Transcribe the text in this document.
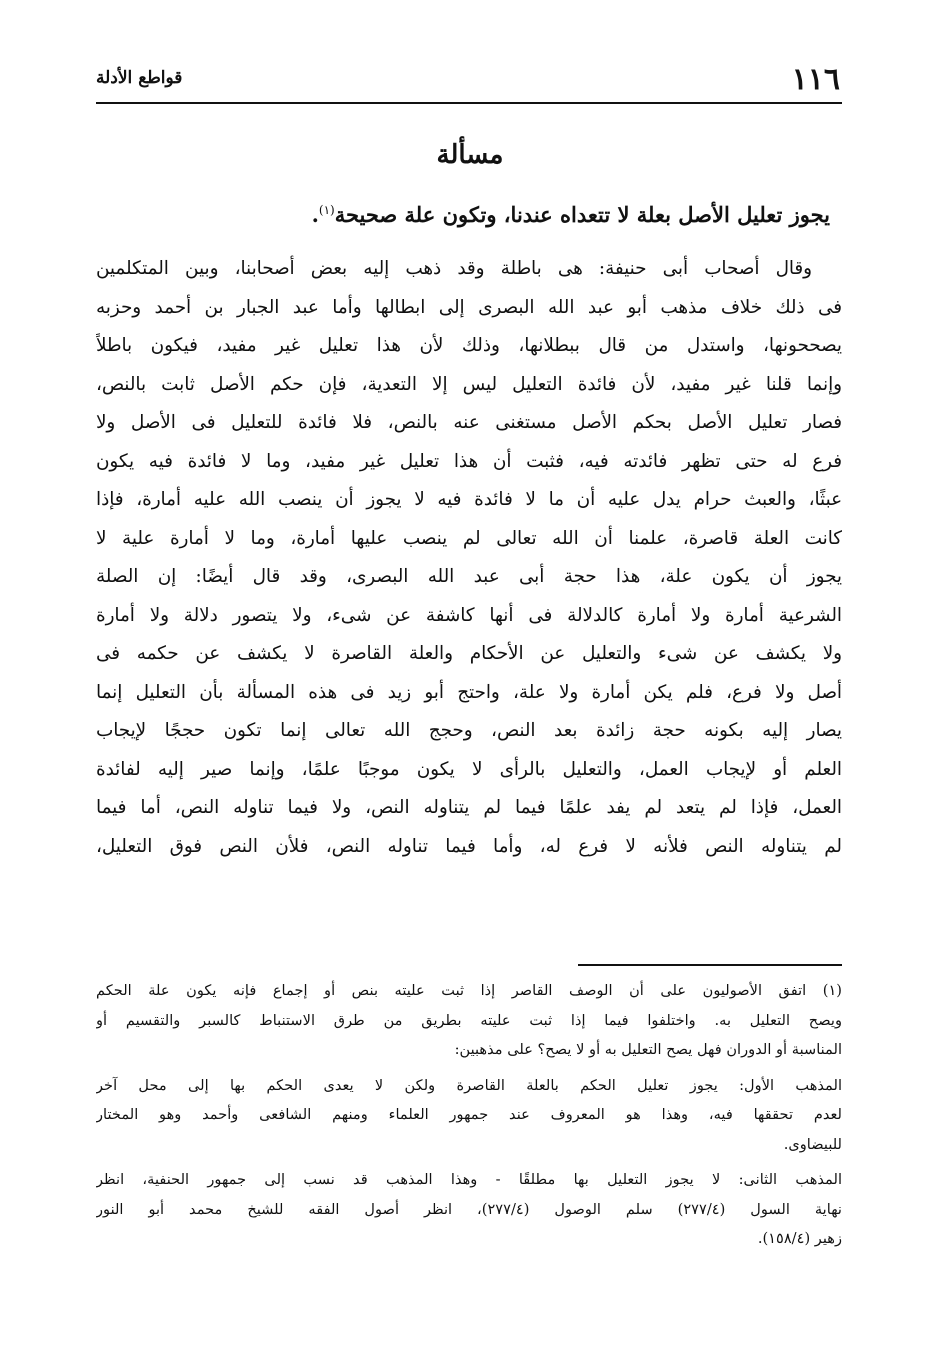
١١٦
قواطع الأدلة
مسألة
يجوز تعليل الأصل بعلة لا تتعداه عندنا، وتكون علة صحيحة$^{(١)}$.
وقال أصحاب أبى حنيفة: هى باطلة وقد ذهب إليه بعض أصحابنا، وبين المتكلمين
فى ذلك خلاف مذهب أبو عبد الله البصرى إلى ابطالها وأما عبد الجبار بن أحمد وحزبه
يصححونها، واستدل من قال ببطلانها، وذلك لأن هذا تعليل غير مفيد، فيكون باطلاً
وإنما قلنا غير مفيد، لأن فائدة التعليل ليس إلا التعدية، فإن حكم الأصل ثابت بالنص،
فصار تعليل الأصل بحكم الأصل مستغنى عنه بالنص، فلا فائدة للتعليل فى الأصل ولا
فرع له حتى تظهر فائدته فيه، فثبت أن هذا تعليل غير مفيد، وما لا فائدة فيه يكون
عبثًا، والعبث حرام يدل عليه أن ما لا فائدة فيه لا يجوز أن ينصب الله عليه أمارة، فإذا
كانت العلة قاصرة، علمنا أن الله تعالى لم ينصب عليها أمارة، وما لا أمارة علية لا
يجوز أن يكون علة، هذا حجة أبى عبد الله البصرى، وقد قال أيضًا: إن الصلة
الشرعية أمارة ولا أمارة كالدلالة فى أنها كاشفة عن شىء، ولا يتصور دلالة ولا أمارة
ولا يكشف عن شىء والتعليل عن الأحكام والعلة القاصرة لا يكشف عن حكمه فى
أصل ولا فرع، فلم يكن أمارة ولا علة، واحتج أبو زيد فى هذه المسألة بأن التعليل إنما
يصار إليه بكونه حجة زائدة بعد النص، وحجج الله تعالى إنما تكون حججًا لإيجاب
العلم أو لإيجاب العمل، والتعليل بالرأى لا يكون موجبًا علمًا، وإنما صير إليه لفائدة
العمل، فإذا لم يتعد لم يفد علمًا فيما لم يتناوله النص، ولا فيما تناوله النص، أما فيما
لم يتناوله النص فلأنه لا فرع له، وأما فيما تناوله النص، فلأن النص فوق التعليل،
(١) اتفق الأصوليون على أن الوصف القاصر إذا ثبت عليته بنص أو إجماع فإنه يكون علة الحكم
ويصح التعليل به. واختلفوا فيما إذا ثبت عليته بطريق من طرق الاستنباط كالسبر والتقسيم أو
المناسبة أو الدوران فهل يصح التعليل به أو لا يصح؟ على مذهبين:
المذهب الأول: يجوز تعليل الحكم بالعلة القاصرة ولكن لا يعدى الحكم بها إلى محل آخر
لعدم تحققها فيه، وهذا هو المعروف عند جمهور العلماء ومنهم الشافعى وأحمد وهو المختار
للبيضاوى.
المذهب الثانى: لا يجوز التعليل بها مطلقًا - وهذا المذهب قد نسب إلى جمهور الحنفية، انظر
نهاية السول (٢٧٧/٤) سلم الوصول (٢٧٧/٤)، انظر أصول الفقه للشيخ محمد أبو النور
زهير (١٥٨/٤).
